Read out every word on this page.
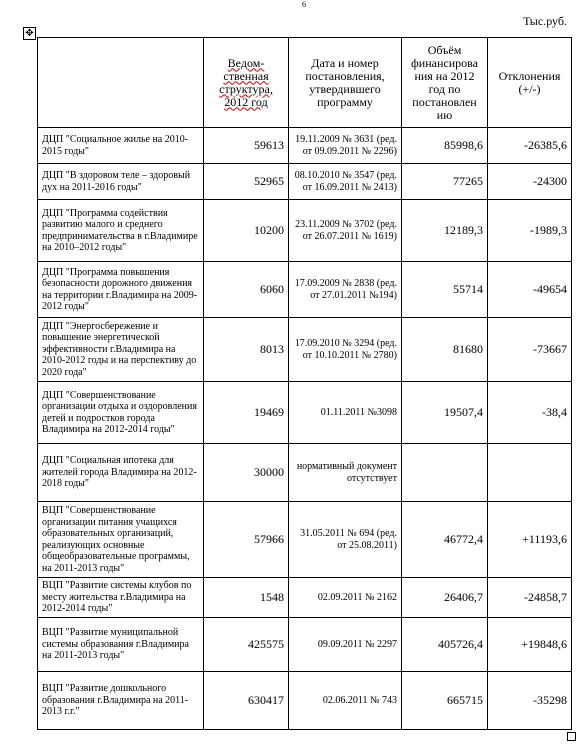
6
Тыс.руб.
✥
	Ведом-ственная структура, 2012 год	Дата и номер постановления, утвердившего программу	Объём финансирова ния на 2012 год по постановлен ию	Отклонения (+/-)
ДЦП "Социальное жилье на 2010-2015 годы"	59613	19.11.2009 № 3631 (ред. от 09.09.2011 № 2296)	85998,6	-26385,6
ДЦП "В здоровом теле – здоровый дух на 2011-2016 годы"	52965	08.10.2010 № 3547 (ред. от 16.09.2011 № 2413)	77265	-24300
ДЦП "Программа содействия развитию малого и среднего предпринимательства в г.Владимире на 2010–2012 годы"	10200	23.11.2009 № 3702 (ред. от 26.07.2011 № 1619)	12189,3	-1989,3
ДЦП "Программа повышения безопасности дорожного движения на территории г.Владимира на 2009-2012 годы"	6060	17.09.2009 № 2838 (ред. от 27.01.2011 №194)	55714	-49654
ДЦП "Энергосбережение и повышение энергетической эффективности г.Владимира на 2010-2012 годы и на перспективу до 2020 года"	8013	17.09.2010 № 3294 (ред. от 10.10.2011 № 2780)	81680	-73667
ДЦП "Совершенствование организации отдыха и оздоровления детей и подростков города Владимира на 2012-2014 годы"	19469	01.11.2011 №3098	19507,4	-38,4
ДЦП "Социальная ипотека для жителей города Владимира на 2012-2018 годы"	30000	нормативный документ отсутствует		
ВЦП "Совершенствование организации питания учащихся образовательных организаций, реализующих основные общеобразовательные программы, на 2011-2013 годы"	57966	31.05.2011 № 694 (ред. от 25.08.2011)	46772,4	+11193,6
ВЦП "Развитие системы клубов по месту жительства г.Владимира на 2012-2014 годы"	1548	02.09.2011 № 2162	26406,7	-24858,7
ВЦП "Развитие муниципальной системы образования г.Владимира на 2011-2013 годы"	425575	09.09.2011 № 2297	405726,4	+19848,6
ВЦП "Развитие дошкольного образования г.Владимира на 2011-2013 г.г."	630417	02.06.2011 № 743	665715	-35298
